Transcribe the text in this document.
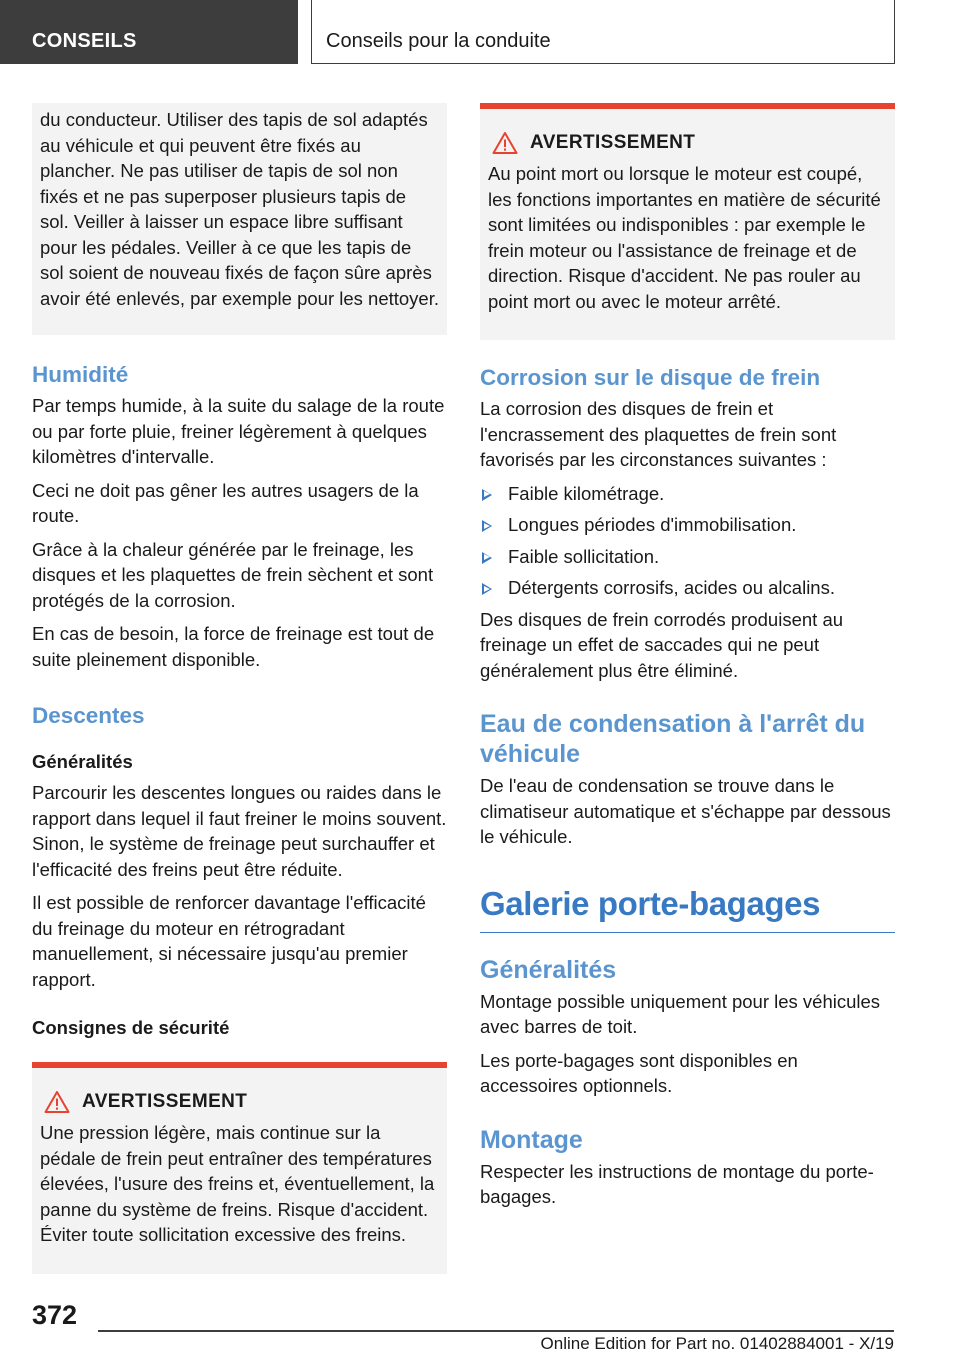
CONSEILS	Conseils pour la conduite

du conducteur. Utiliser des tapis de sol adaptés au véhicule et qui peuvent être fixés au plancher. Ne pas utiliser de tapis de sol non fixés et ne pas superposer plusieurs tapis de sol. Veiller à laisser un espace libre suffisant pour les pédales. Veiller à ce que les tapis de sol soient de nouveau fixés de façon sûre après avoir été enlevés, par exemple pour les nettoyer.

Humidité

Par temps humide, à la suite du salage de la route ou par forte pluie, freiner légèrement à quelques kilomètres d'intervalle.

Ceci ne doit pas gêner les autres usagers de la route.

Grâce à la chaleur générée par le freinage, les disques et les plaquettes de frein sèchent et sont protégés de la corrosion.

En cas de besoin, la force de freinage est tout de suite pleinement disponible.

Descentes
Généralités

Parcourir les descentes longues ou raides dans le rapport dans lequel il faut freiner le moins souvent. Sinon, le système de freinage peut surchauffer et l'efficacité des freins peut être réduite.

Il est possible de renforcer davantage l'efficacité du freinage du moteur en rétrogradant manuellement, si nécessaire jusqu'au premier rapport.

Consignes de sécurité
AVERTISSEMENT

Une pression légère, mais continue sur la pédale de frein peut entraîner des températures élevées, l'usure des freins et, éventuellement, la panne du système de freins. Risque d'accident. Éviter toute sollicitation excessive des freins.

AVERTISSEMENT

Au point mort ou lorsque le moteur est coupé, les fonctions importantes en matière de sécurité sont limitées ou indisponibles : par exemple le frein moteur ou l'assistance de freinage et de direction. Risque d'accident. Ne pas rouler au point mort ou avec le moteur arrêté.

Corrosion sur le disque de frein

La corrosion des disques de frein et l'encrassement des plaquettes de frein sont favorisés par les circonstances suivantes :

Faible kilométrage.
Longues périodes d'immobilisation.
Faible sollicitation.
Détergents corrosifs, acides ou alcalins.

Des disques de frein corrodés produisent au freinage un effet de saccades qui ne peut généralement plus être éliminé.

Eau de condensation à l'arrêt du véhicule

De l'eau de condensation se trouve dans le climatiseur automatique et s'échappe par dessous le véhicule.

Galerie porte-bagages
Généralités

Montage possible uniquement pour les véhicules avec barres de toit.

Les porte-bagages sont disponibles en accessoires optionnels.

Montage

Respecter les instructions de montage du porte-bagages.

372
Online Edition for Part no. 01402884001 - X/19
